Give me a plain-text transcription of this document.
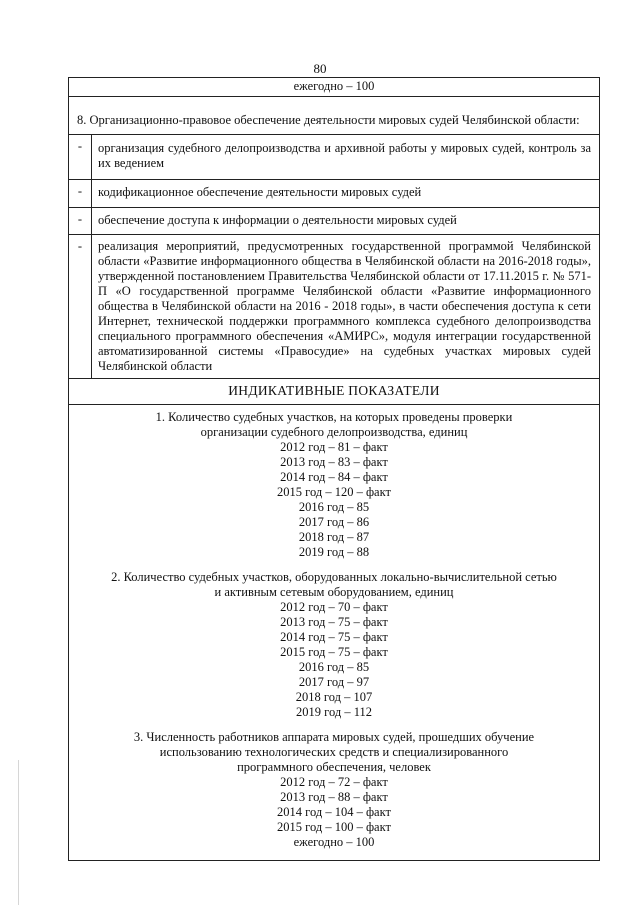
80
ежегодно – 100
8. Организационно-правовое обеспечение деятельности мировых судей Челябинской области:
-	организация судебного делопроизводства и архивной работы у мировых судей, контроль за их ведением
-	кодификационное обеспечение деятельности мировых судей
-	обеспечение доступа к информации о деятельности мировых судей
-	реализация мероприятий, предусмотренных государственной программой Челябинской области «Развитие информационного общества в Челябинской области на 2016-2018 годы», утвержденной постановлением Правительства Челябинской области от 17.11.2015 г. № 571-П «О государственной программе Челябинской области «Развитие информационного общества в Челябинской области на 2016 - 2018 годы», в части обеспечения доступа к сети Интернет, технической поддержки программного комплекса судебного делопроизводства специального программного обеспечения «АМИРС», модуля интеграции государственной автоматизированной системы «Правосудие» на судебных участках мировых судей Челябинской области
ИНДИКАТИВНЫЕ ПОКАЗАТЕЛИ
1. Количество судебных участков, на которых проведены проверки
организации судебного делопроизводства, единиц
2012 год – 81 – факт
2013 год – 83 – факт
2014 год – 84 – факт
2015 год – 120 – факт
2016 год – 85
2017 год – 86
2018 год – 87
2019 год – 88
2. Количество судебных участков, оборудованных локально-вычислительной сетью
и активным сетевым оборудованием, единиц
2012 год – 70 – факт
2013 год – 75 – факт
2014 год – 75 – факт
2015 год – 75 – факт
2016 год – 85
2017 год – 97
2018 год – 107
2019 год – 112
3. Численность работников аппарата мировых судей, прошедших обучение
использованию технологических средств и специализированного
программного обеспечения, человек
2012 год – 72 – факт
2013 год – 88 – факт
2014 год – 104 – факт
2015 год – 100 – факт
ежегодно – 100
